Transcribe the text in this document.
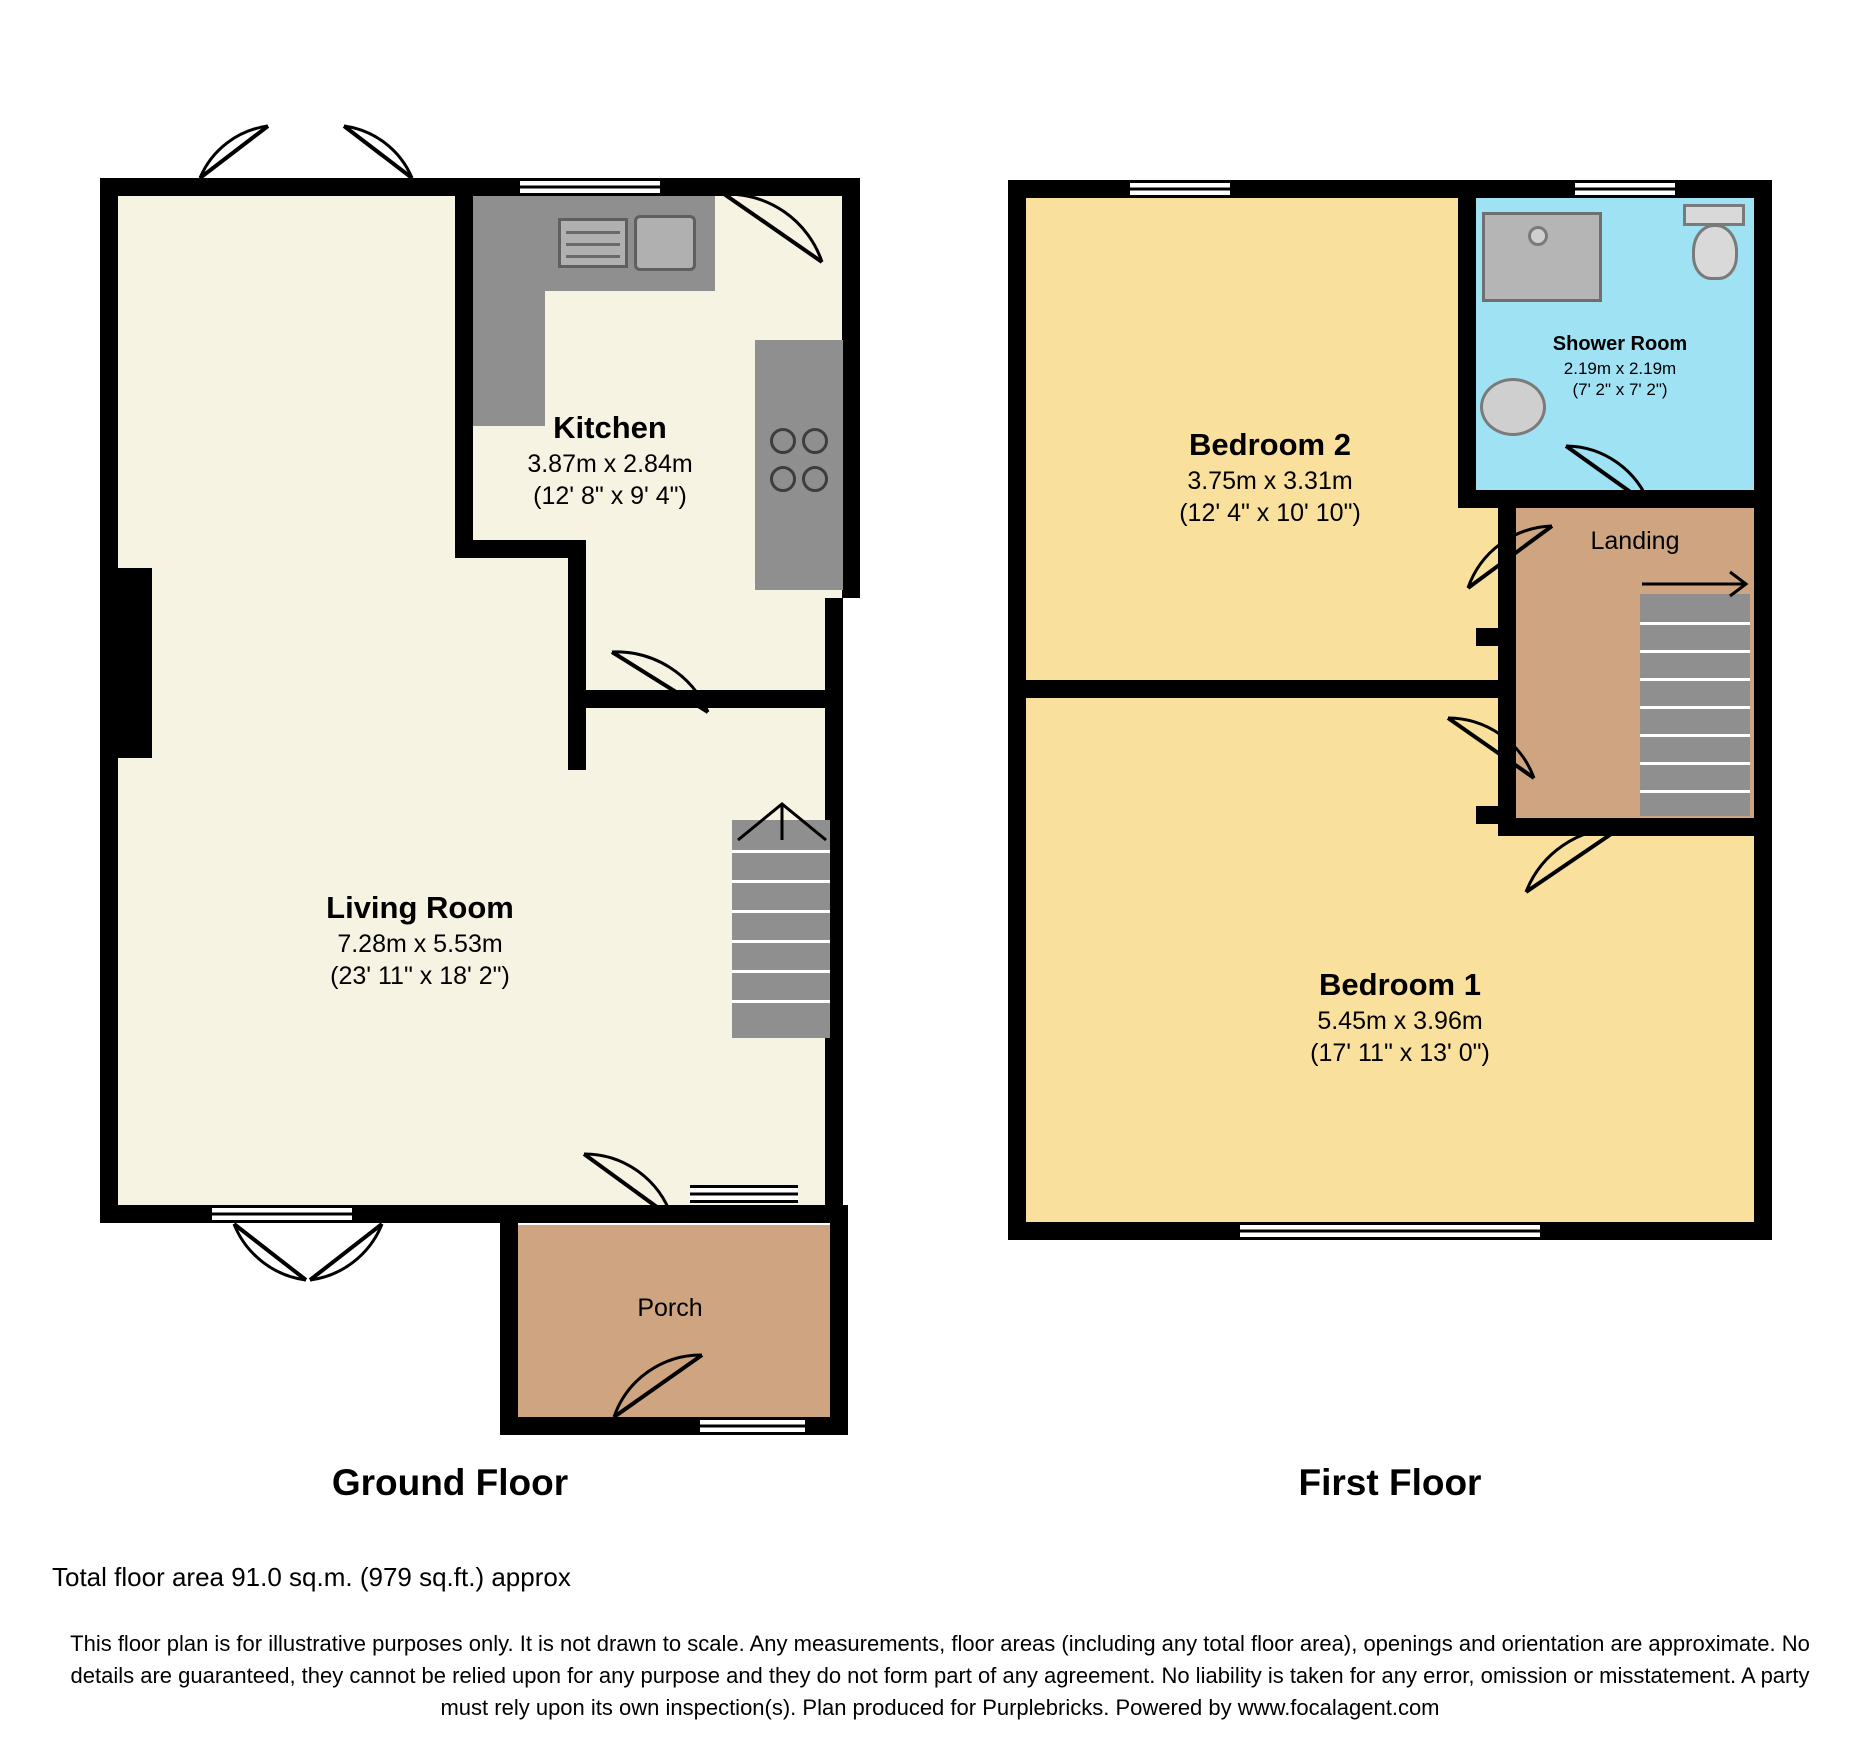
Kitchen
3.87m x 2.84m
(12' 8" x 9' 4")
Living Room
7.28m x 5.53m
(23' 11" x 18' 2")
Porch
Ground Floor
Bedroom 2
3.75m x 3.31m
(12' 4" x 10' 10")
Bedroom 1
5.45m x 3.96m
(17' 11" x 13' 0")
Shower Room
2.19m x 2.19m
(7' 2" x 7' 2")
Landing
First Floor
Total floor area 91.0 sq.m. (979 sq.ft.) approx
This floor plan is for illustrative purposes only. It is not drawn to scale. Any measurements, floor areas (including any total floor area), openings and orientation are approximate. No details are guaranteed, they cannot be relied upon for any purpose and they do not form part of any agreement. No liability is taken for any error, omission or misstatement. A party must rely upon its own inspection(s). Plan produced for Purplebricks. Powered by www.focalagent.com
